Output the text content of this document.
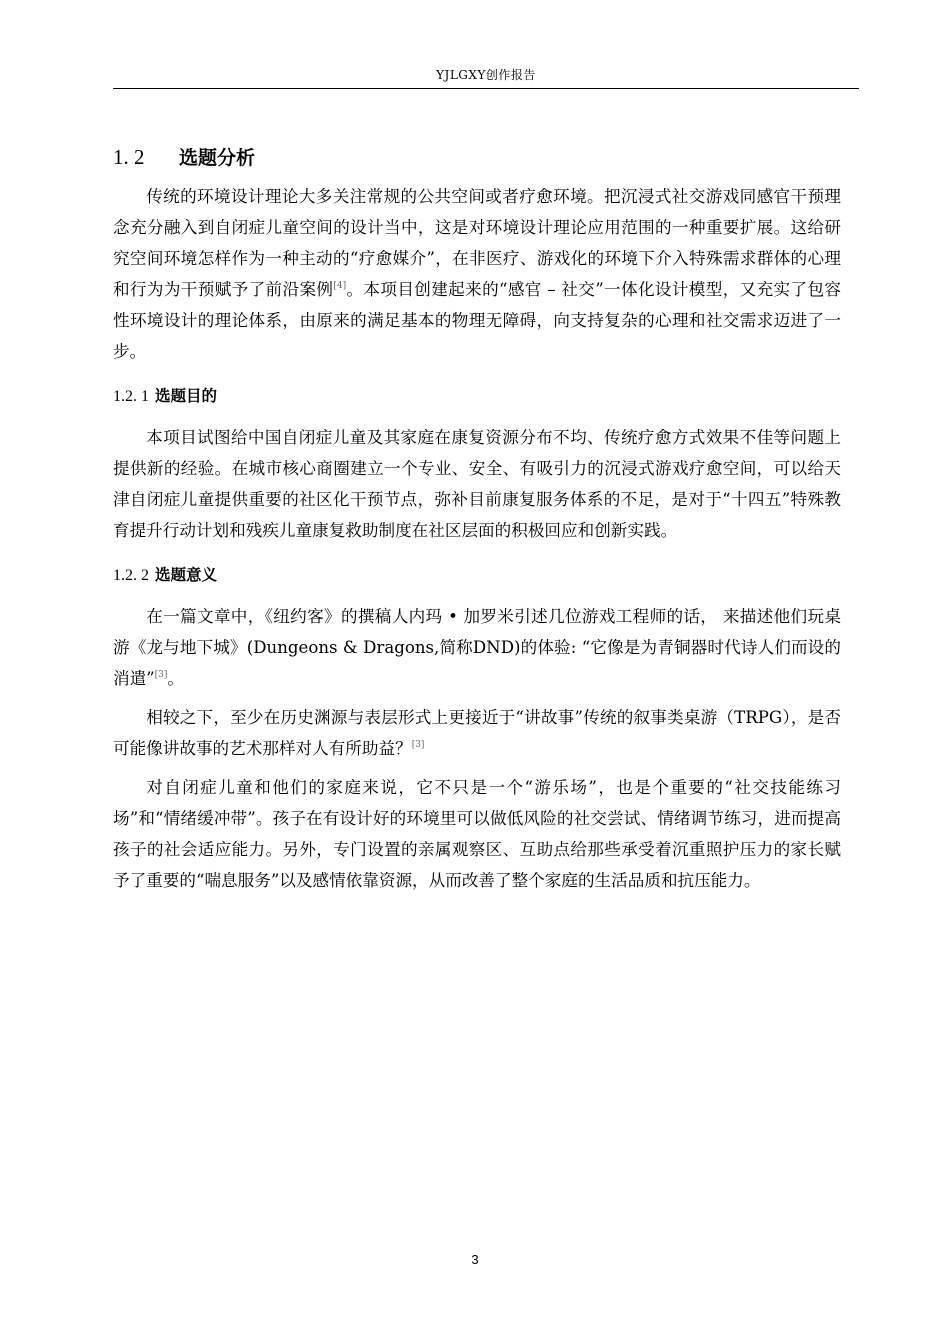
YJLGXY创作报告
1. 2 选题分析

传统的环境设计理论大多关注常规的公共空间或者疗愈环境。把沉浸式社交游戏同感官干预理念充分融入到自闭症儿童空间的设计当中，这是对环境设计理论应用范围的一种重要扩展。这给研究空间环境怎样作为一种主动的“疗愈媒介”，在非医疗、游戏化的环境下介入特殊需求群体的心理和行为为干预赋予了前沿案例[4]。本项目创建起来的“感官 – 社交”一体化设计模型，又充实了包容性环境设计的理论体系，由原来的满足基本的物理无障碍，向支持复杂的心理和社交需求迈进了一步。

1.2. 1 选题目的

本项目试图给中国自闭症儿童及其家庭在康复资源分布不均、传统疗愈方式效果不佳等问题上提供新的经验。在城市核心商圈建立一个专业、安全、有吸引力的沉浸式游戏疗愈空间，可以给天津自闭症儿童提供重要的社区化干预节点，弥补目前康复服务体系的不足，是对于“十四五”特殊教育提升行动计划和残疾儿童康复救助制度在社区层面的积极回应和创新实践。

1.2. 2 选题意义

在一篇文章中，《纽约客》的撰稿人内玛 • 加罗米引述几位游戏工程师的话， 来描述他们玩桌游《龙与地下城》(Dungeons & Dragons,简称DND)的体验: “它像是为青铜器时代诗人们而设的消遣”[3]。

相较之下，至少在历史渊源与表层形式上更接近于“讲故事”传统的叙事类桌游（TRPG），是否可能像讲故事的艺术那样对人有所助益？[3]

对自闭症儿童和他们的家庭来说，它不只是一个“游乐场”，也是个重要的“社交技能练习场”和“情绪缓冲带”。孩子在有设计好的环境里可以做低风险的社交尝试、情绪调节练习，进而提高孩子的社会适应能力。另外，专门设置的亲属观察区、互助点给那些承受着沉重照护压力的家长赋予了重要的“喘息服务”以及感情依靠资源，从而改善了整个家庭的生活品质和抗压能力。

3
